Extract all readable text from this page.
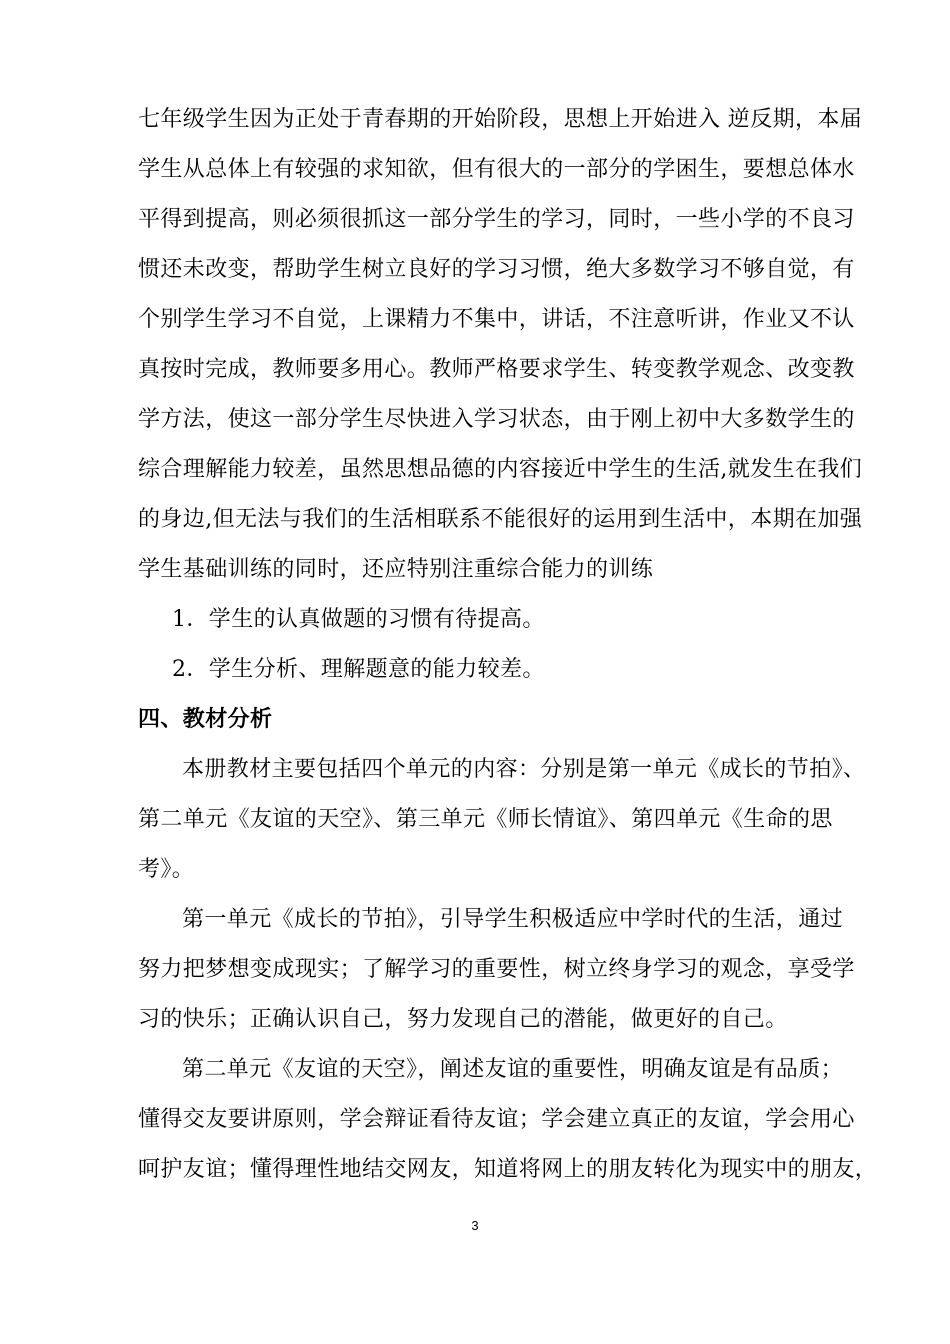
七年级学生因为正处于青春期的开始阶段，思想上开始进入 逆反期，本届
学生从总体上有较强的求知欲，但有很大的一部分的学困生，要想总体水
平得到提高，则必须很抓这一部分学生的学习，同时，一些小学的不良习
惯还未改变，帮助学生树立良好的学习习惯，绝大多数学习不够自觉，有
个别学生学习不自觉，上课精力不集中，讲话，不注意听讲，作业又不认
真按时完成，教师要多用心。教师严格要求学生、转变教学观念、改变教
学方法，使这一部分学生尽快进入学习状态，由于刚上初中大多数学生的
综合理解能力较差，虽然思想品德的内容接近中学生的生活,就发生在我们
的身边,但无法与我们的生活相联系不能很好的运用到生活中，本期在加强
学生基础训练的同时，还应特别注重综合能力的训练
1．学生的认真做题的习惯有待提高。
2．学生分析、理解题意的能力较差。
四、教材分析
本册教材主要包括四个单元的内容：分别是第一单元《成长的节拍》、
第二单元《友谊的天空》、第三单元《师长情谊》、第四单元《生命的思
考》。
第一单元《成长的节拍》，引导学生积极适应中学时代的生活，通过
努力把梦想变成现实；了解学习的重要性，树立终身学习的观念，享受学
习的快乐；正确认识自己，努力发现自己的潜能，做更好的自己。
第二单元《友谊的天空》，阐述友谊的重要性，明确友谊是有品质；
懂得交友要讲原则，学会辩证看待友谊；学会建立真正的友谊，学会用心
呵护友谊；懂得理性地结交网友，知道将网上的朋友转化为现实中的朋友，
3
